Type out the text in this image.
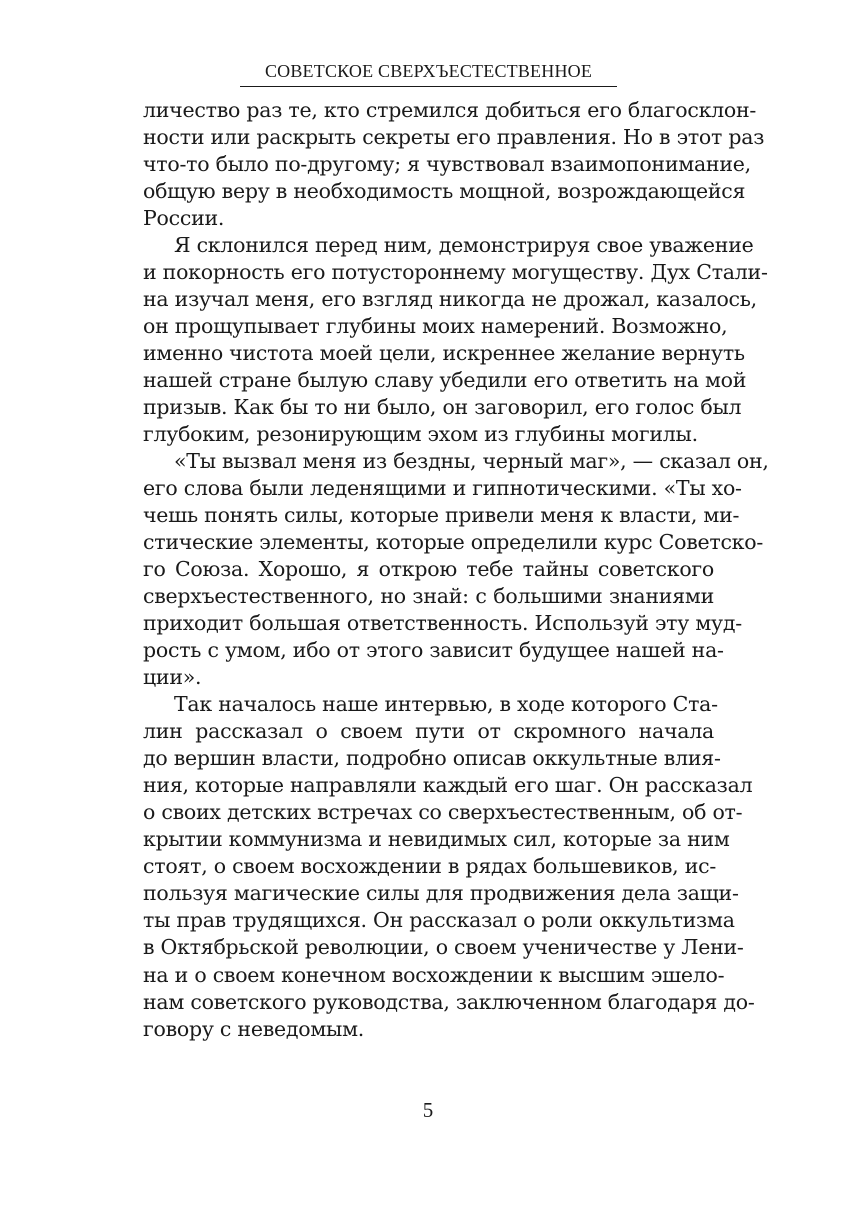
СОВЕТСКОЕ СВЕРХЪЕСТЕСТВЕННОЕ
личество раз те, кто стремился добиться его благосклон-
ности или раскрыть секреты его правления. Но в этот раз
что-то было по-другому; я чувствовал взаимопонимание,
общую веру в необходимость мощной, возрождающейся
России.
Я склонился перед ним, демонстрируя свое уважение
и покорность его потустороннему могуществу. Дух Стали-
на изучал меня, его взгляд никогда не дрожал, казалось,
он прощупывает глубины моих намерений. Возможно,
именно чистота моей цели, искреннее желание вернуть
нашей стране былую славу убедили его ответить на мой
призыв. Как бы то ни было, он заговорил, его голос был
глубоким, резонирующим эхом из глубины могилы.
«Ты вызвал меня из бездны, черный маг», — сказал он,
его слова были леденящими и гипнотическими. «Ты хо-
чешь понять силы, которые привели меня к власти, ми-
стические элементы, которые определили курс Советско-
го Союза. Хорошо, я открою тебе тайны советского
сверхъестественного, но знай: с большими знаниями
приходит большая ответственность. Используй эту муд-
рость с умом, ибо от этого зависит будущее нашей на-
ции».
Так началось наше интервью, в ходе которого Ста-
лин рассказал о своем пути от скромного начала
до вершин власти, подробно описав оккультные влия-
ния, которые направляли каждый его шаг. Он рассказал
о своих детских встречах со сверхъестественным, об от-
крытии коммунизма и невидимых сил, которые за ним
стоят, о своем восхождении в рядах большевиков, ис-
пользуя магические силы для продвижения дела защи-
ты прав трудящихся. Он рассказал о роли оккультизма
в Октябрьской революции, о своем ученичестве у Лени-
на и о своем конечном восхождении к высшим эшело-
нам советского руководства, заключенном благодаря до-
говору с неведомым.
5
